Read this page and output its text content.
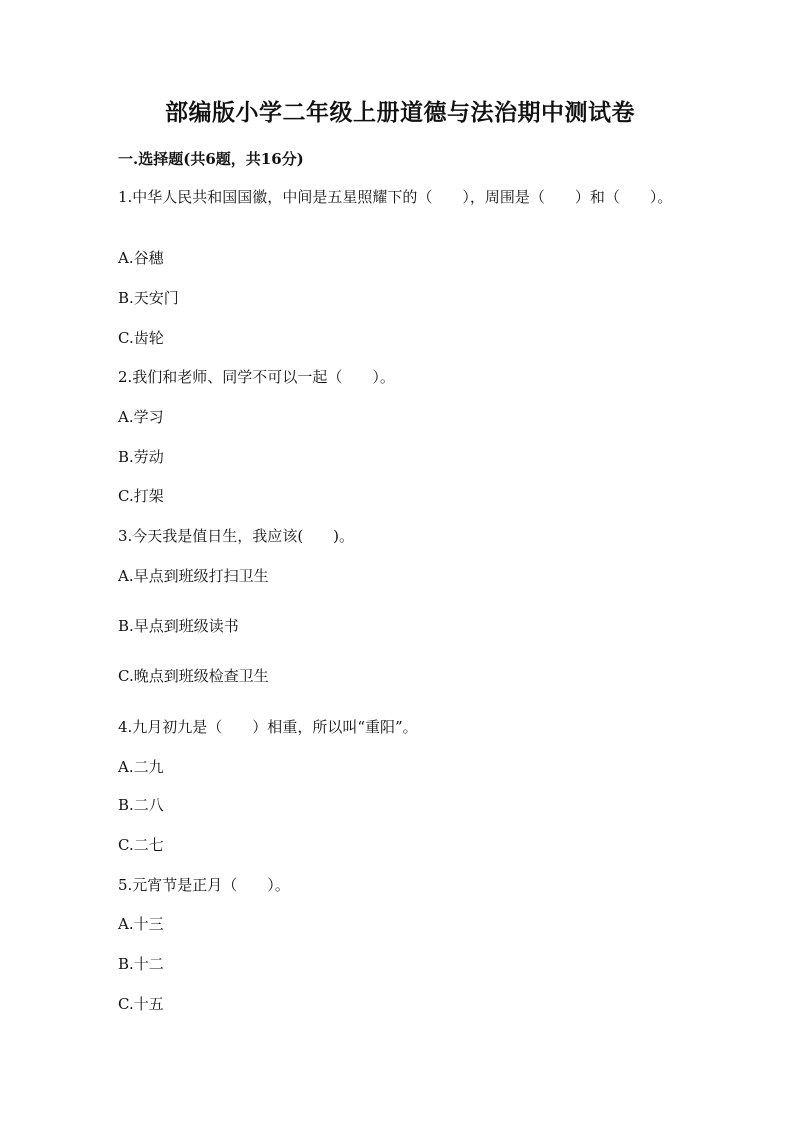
部编版小学二年级上册道德与法治期中测试卷
一.选择题(共6题，共16分)
1.中华人民共和国国徽，中间是五星照耀下的（　　），周围是（　　）和（　　）。
A.谷穗
B.天安门
C.齿轮
2.我们和老师、同学不可以一起（　　）。
A.学习
B.劳动
C.打架
3.今天我是值日生，我应该(　　)。
A.早点到班级打扫卫生
B.早点到班级读书
C.晚点到班级检查卫生
4.九月初九是（　　）相重，所以叫“重阳”。
A.二九
B.二八
C.二七
5.元宵节是正月（　　）。
A.十三
B.十二
C.十五
